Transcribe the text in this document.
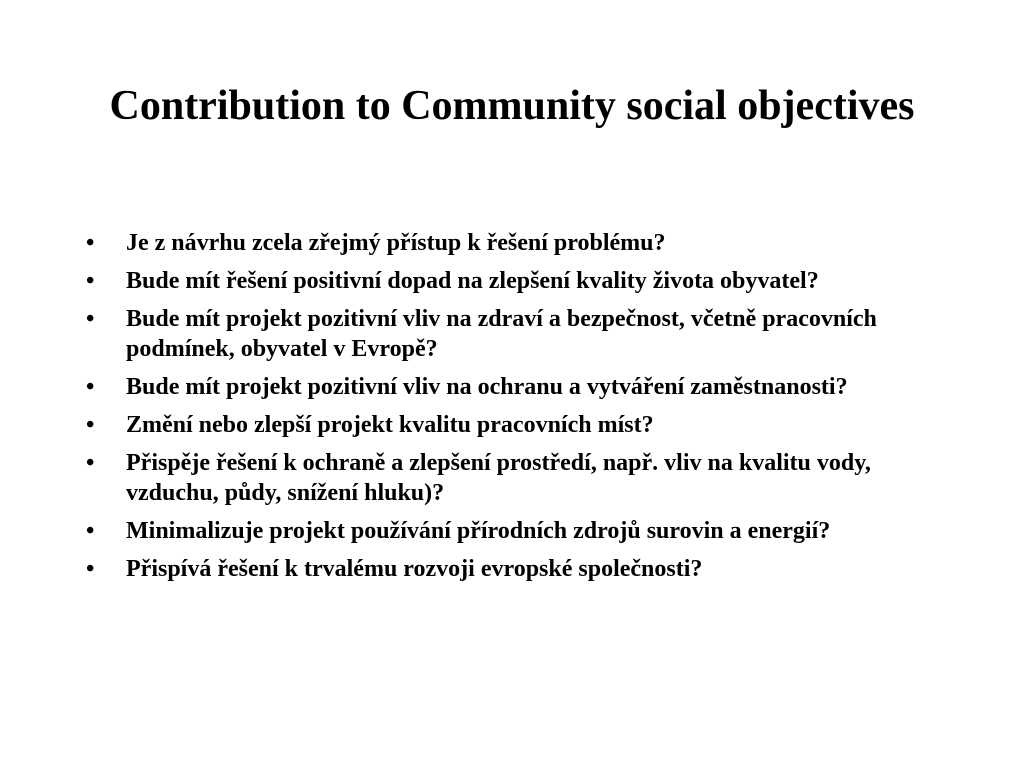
Contribution to Community social objectives
•	Je z návrhu zcela zřejmý přístup k řešení problému?
•	Bude mít řešení positivní dopad na zlepšení kvality života obyvatel?
•	Bude mít projekt pozitivní vliv na zdraví a bezpečnost, včetně pracovních podmínek, obyvatel v Evropě?
•	Bude mít projekt pozitivní vliv na ochranu a vytváření zaměstnanosti?
•	Změní nebo zlepší projekt kvalitu pracovních míst?
•	Přispěje řešení k ochraně a zlepšení prostředí, např. vliv na kvalitu vody, vzduchu, půdy, snížení hluku)?
•	Minimalizuje projekt používání přírodních zdrojů surovin a energií?
•	Přispívá řešení k trvalému rozvoji evropské společnosti?
